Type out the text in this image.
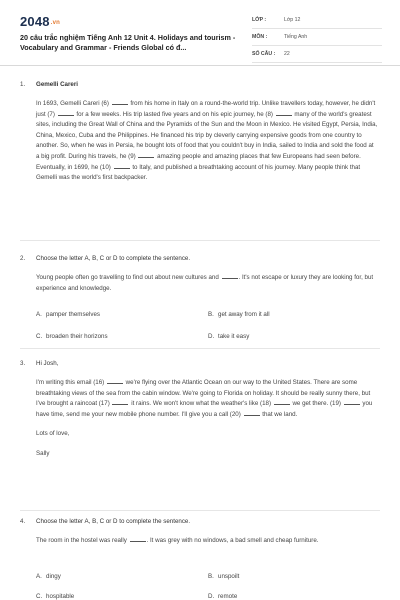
2048.vn
20 câu trắc nghiệm Tiếng Anh 12 Unit 4. Holidays and tourism - Vocabulary and Grammar - Friends Global có đ...
LỚP :	Lớp 12
MÔN :	Tiếng Anh
SỐ CÂU :	22
1. Gemelli Careri

In 1693, Gemelli Careri (6)	from his home in Italy on a round-the-world trip. Unlike travellers today, however, he didn't just (7)	for a few weeks. His trip lasted five years and on his epic journey, he (8)	many of the world's greatest sites, including the Great Wall of China and the Pyramids of the Sun and the Moon in Mexico. He visited Egypt, Persia, India, China, Mexico, Cuba and the Philippines. He financed his trip by cleverly carrying expensive goods from one country to another. So, when he was in Persia, he bought lots of food that you couldn't buy in India, sailed to India and sold the food at a big profit. During his travels, he (9)	amazing people and amazing places that few Europeans had seen before. Eventually, in 1699, he (10)	to Italy, and published a breathtaking account of his journey. Many people think that Gemelli was the world's first backpacker.

2. Choose the letter A, B, C or D to complete the sentence.

Young people often go travelling to find out about new cultures and	. It's not escape or luxury they are looking for, but experience and knowledge.

A. pamper themselves	B. get away from it all
C. broaden their horizons	D. take it easy
3. Hi Josh,

I'm writing this email (16)	we're flying over the Atlantic Ocean on our way to the United States. There are some breathtaking views of the sea from the cabin window. We're going to Florida on holiday. It should be really sunny there, but I've brought a raincoat (17)	it rains. We won't know what the weather's like (18)	we get there. (19)	you have time, send me your new mobile phone number. I'll give you a call (20)	that we land.

Lots of love,

Sally

4. Choose the letter A, B, C or D to complete the sentence.

The room in the hostel was really	. It was grey with no windows, a bad smell and cheap furniture.

A. dingy	B. unspoilt
C. hospitable	D. remote
